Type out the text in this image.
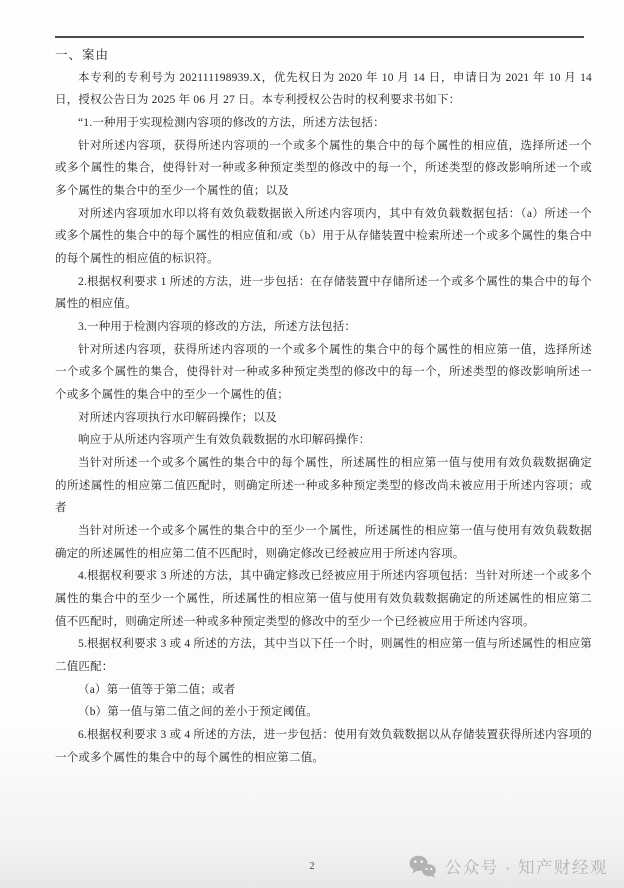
一、案由

本专利的专利号为 202111198939.X，优先权日为 2020 年 10 月 14 日，申请日为 2021 年 10 月 14 日，授权公告日为 2025 年 06 月 27 日。本专利授权公告时的权利要求书如下：

“1.一种用于实现检测内容项的修改的方法，所述方法包括：

针对所述内容项，获得所述内容项的一个或多个属性的集合中的每个属性的相应值，选择所述一个或多个属性的集合，使得针对一种或多种预定类型的修改中的每一个，所述类型的修改影响所述一个或多个属性的集合中的至少一个属性的值；以及

对所述内容项加水印以将有效负载数据嵌入所述内容项内，其中有效负载数据包括：（a）所述一个或多个属性的集合中的每个属性的相应值和/或（b）用于从存储装置中检索所述一个或多个属性的集合中的每个属性的相应值的标识符。

2.根据权利要求 1 所述的方法，进一步包括：在存储装置中存储所述一个或多个属性的集合中的每个属性的相应值。

3.一种用于检测内容项的修改的方法，所述方法包括：

针对所述内容项，获得所述内容项的一个或多个属性的集合中的每个属性的相应第一值，选择所述一个或多个属性的集合，使得针对一种或多种预定类型的修改中的每一个，所述类型的修改影响所述一个或多个属性的集合中的至少一个属性的值；

对所述内容项执行水印解码操作；以及

响应于从所述内容项产生有效负载数据的水印解码操作：

当针对所述一个或多个属性的集合中的每个属性，所述属性的相应第一值与使用有效负载数据确定的所述属性的相应第二值匹配时，则确定所述一种或多种预定类型的修改尚未被应用于所述内容项；或者

当针对所述一个或多个属性的集合中的至少一个属性，所述属性的相应第一值与使用有效负载数据确定的所述属性的相应第二值不匹配时，则确定修改已经被应用于所述内容项。

4.根据权利要求 3 所述的方法，其中确定修改已经被应用于所述内容项包括：当针对所述一个或多个属性的集合中的至少一个属性，所述属性的相应第一值与使用有效负载数据确定的所述属性的相应第二值不匹配时，则确定所述一种或多种预定类型的修改中的至少一个已经被应用于所述内容项。

5.根据权利要求 3 或 4 所述的方法，其中当以下任一个时，则属性的相应第一值与所述属性的相应第二值匹配：

（a）第一值等于第二值；或者

（b）第一值与第二值之间的差小于预定阈值。

6.根据权利要求 3 或 4 所述的方法，进一步包括：使用有效负载数据以从存储装置获得所述内容项的一个或多个属性的集合中的每个属性的相应第二值。

2	公众号 · 知产财经观
